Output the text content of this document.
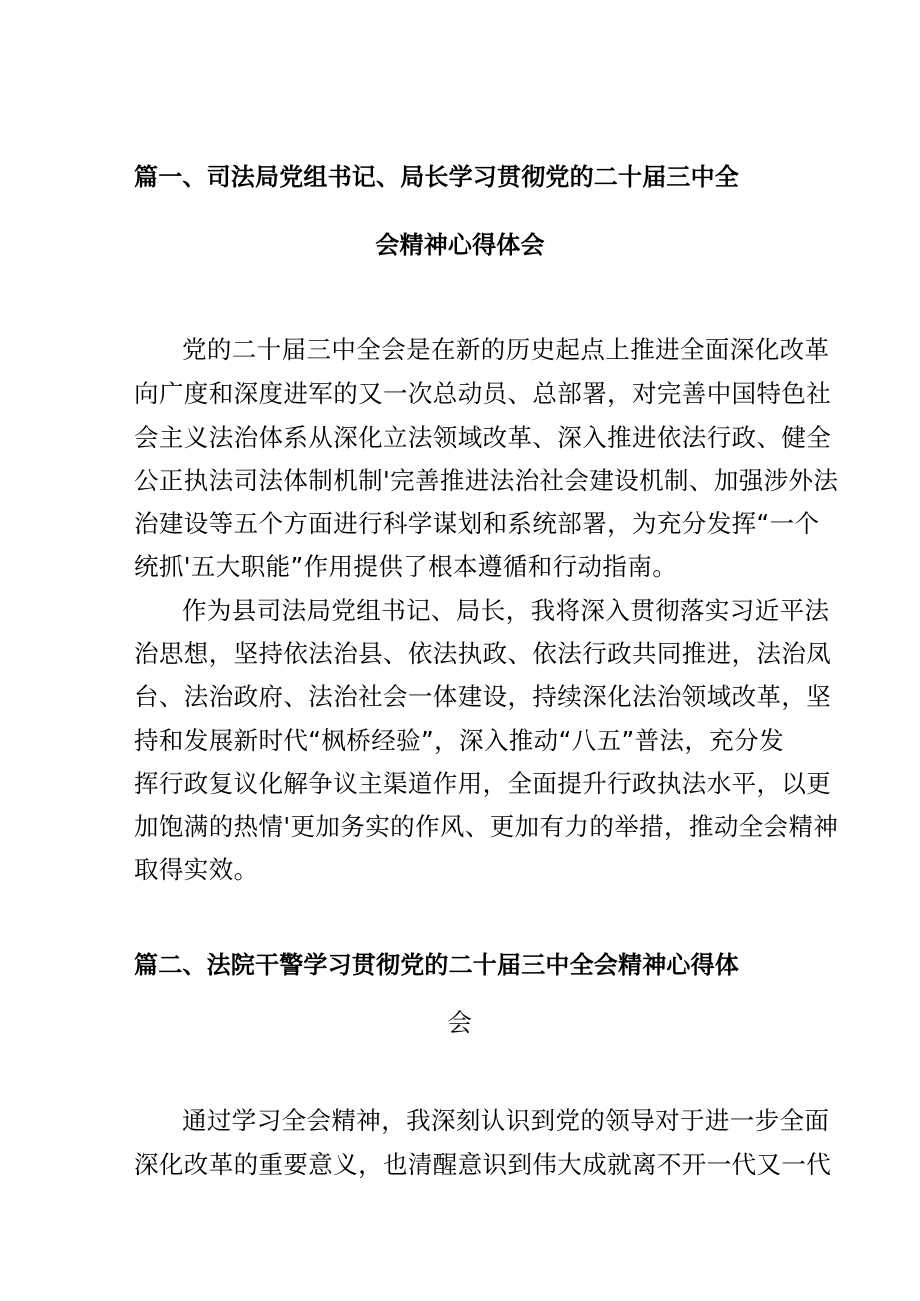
篇一、司法局党组书记、局长学习贯彻党的二十届三中全
会精神心得体会
党的二十届三中全会是在新的历史起点上推进全面深化改革
向广度和深度进军的又一次总动员、总部署，对完善中国特色社
会主义法治体系从深化立法领域改革、深入推进依法行政、健全
公正执法司法体制机制'完善推进法治社会建设机制、加强涉外法
治建设等五个方面进行科学谋划和系统部署，为充分发挥“一个
统抓'五大职能”作用提供了根本遵循和行动指南。
作为县司法局党组书记、局长，我将深入贯彻落实习近平法
治思想，坚持依法治县、依法执政、依法行政共同推进，法治凤
台、法治政府、法治社会一体建设，持续深化法治领域改革，坚
持和发展新时代“枫桥经验”，深入推动“八五”普法，充分发
挥行政复议化解争议主渠道作用，全面提升行政执法水平，以更
加饱满的热情'更加务实的作风、更加有力的举措，推动全会精神
取得实效。
篇二、法院干警学习贯彻党的二十届三中全会精神心得体
会
通过学习全会精神，我深刻认识到党的领导对于进一步全面
深化改革的重要意义，也清醒意识到伟大成就离不开一代又一代
